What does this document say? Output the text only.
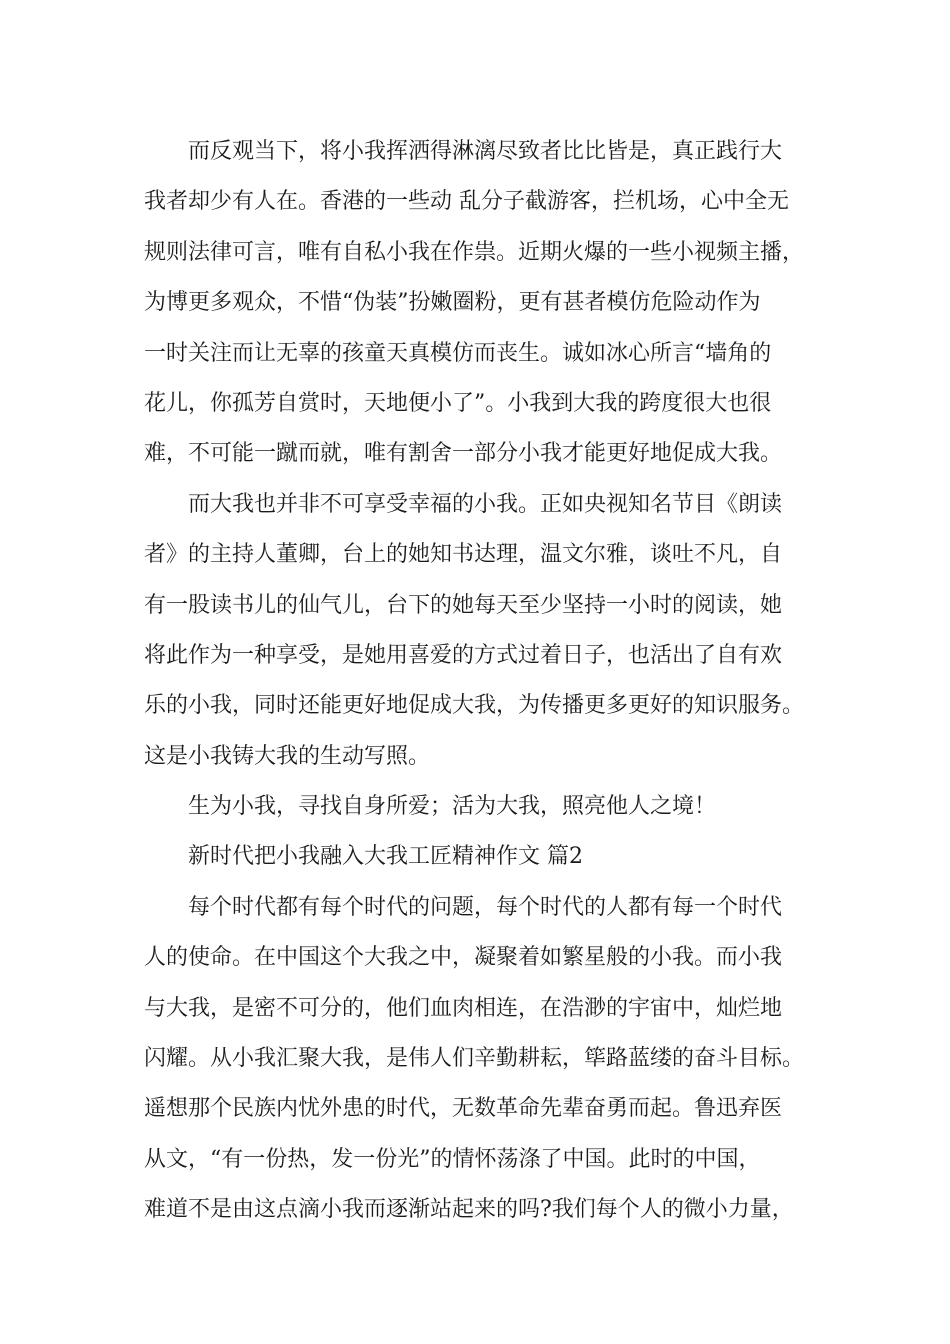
而反观当下，将小我挥洒得淋漓尽致者比比皆是，真正践行大
我者却少有人在。香港的一些动 乱分子截游客，拦机场，心中全无
规则法律可言，唯有自私小我在作祟。近期火爆的一些小视频主播，
为博更多观众，不惜“伪装”扮嫩圈粉，更有甚者模仿危险动作为
一时关注而让无辜的孩童天真模仿而丧生。诚如冰心所言“墙角的
花儿，你孤芳自赏时，天地便小了”。小我到大我的跨度很大也很
难，不可能一蹴而就，唯有割舍一部分小我才能更好地促成大我。
而大我也并非不可享受幸福的小我。正如央视知名节目《朗读
者》的主持人董卿，台上的她知书达理，温文尔雅，谈吐不凡，自
有一股读书儿的仙气儿，台下的她每天至少坚持一小时的阅读，她
将此作为一种享受，是她用喜爱的方式过着日子，也活出了自有欢
乐的小我，同时还能更好地促成大我，为传播更多更好的知识服务。
这是小我铸大我的生动写照。
生为小我，寻找自身所爱；活为大我，照亮他人之境！
新时代把小我融入大我工匠精神作文 篇2
每个时代都有每个时代的问题，每个时代的人都有每一个时代
人的使命。在中国这个大我之中，凝聚着如繁星般的小我。而小我
与大我，是密不可分的，他们血肉相连，在浩渺的宇宙中，灿烂地
闪耀。从小我汇聚大我，是伟人们辛勤耕耘，筚路蓝缕的奋斗目标。
遥想那个民族内忧外患的时代，无数革命先辈奋勇而起。鲁迅弃医
从文，“有一份热，发一份光”的情怀荡涤了中国。此时的中国，
难道不是由这点滴小我而逐渐站起来的吗?我们每个人的微小力量，
